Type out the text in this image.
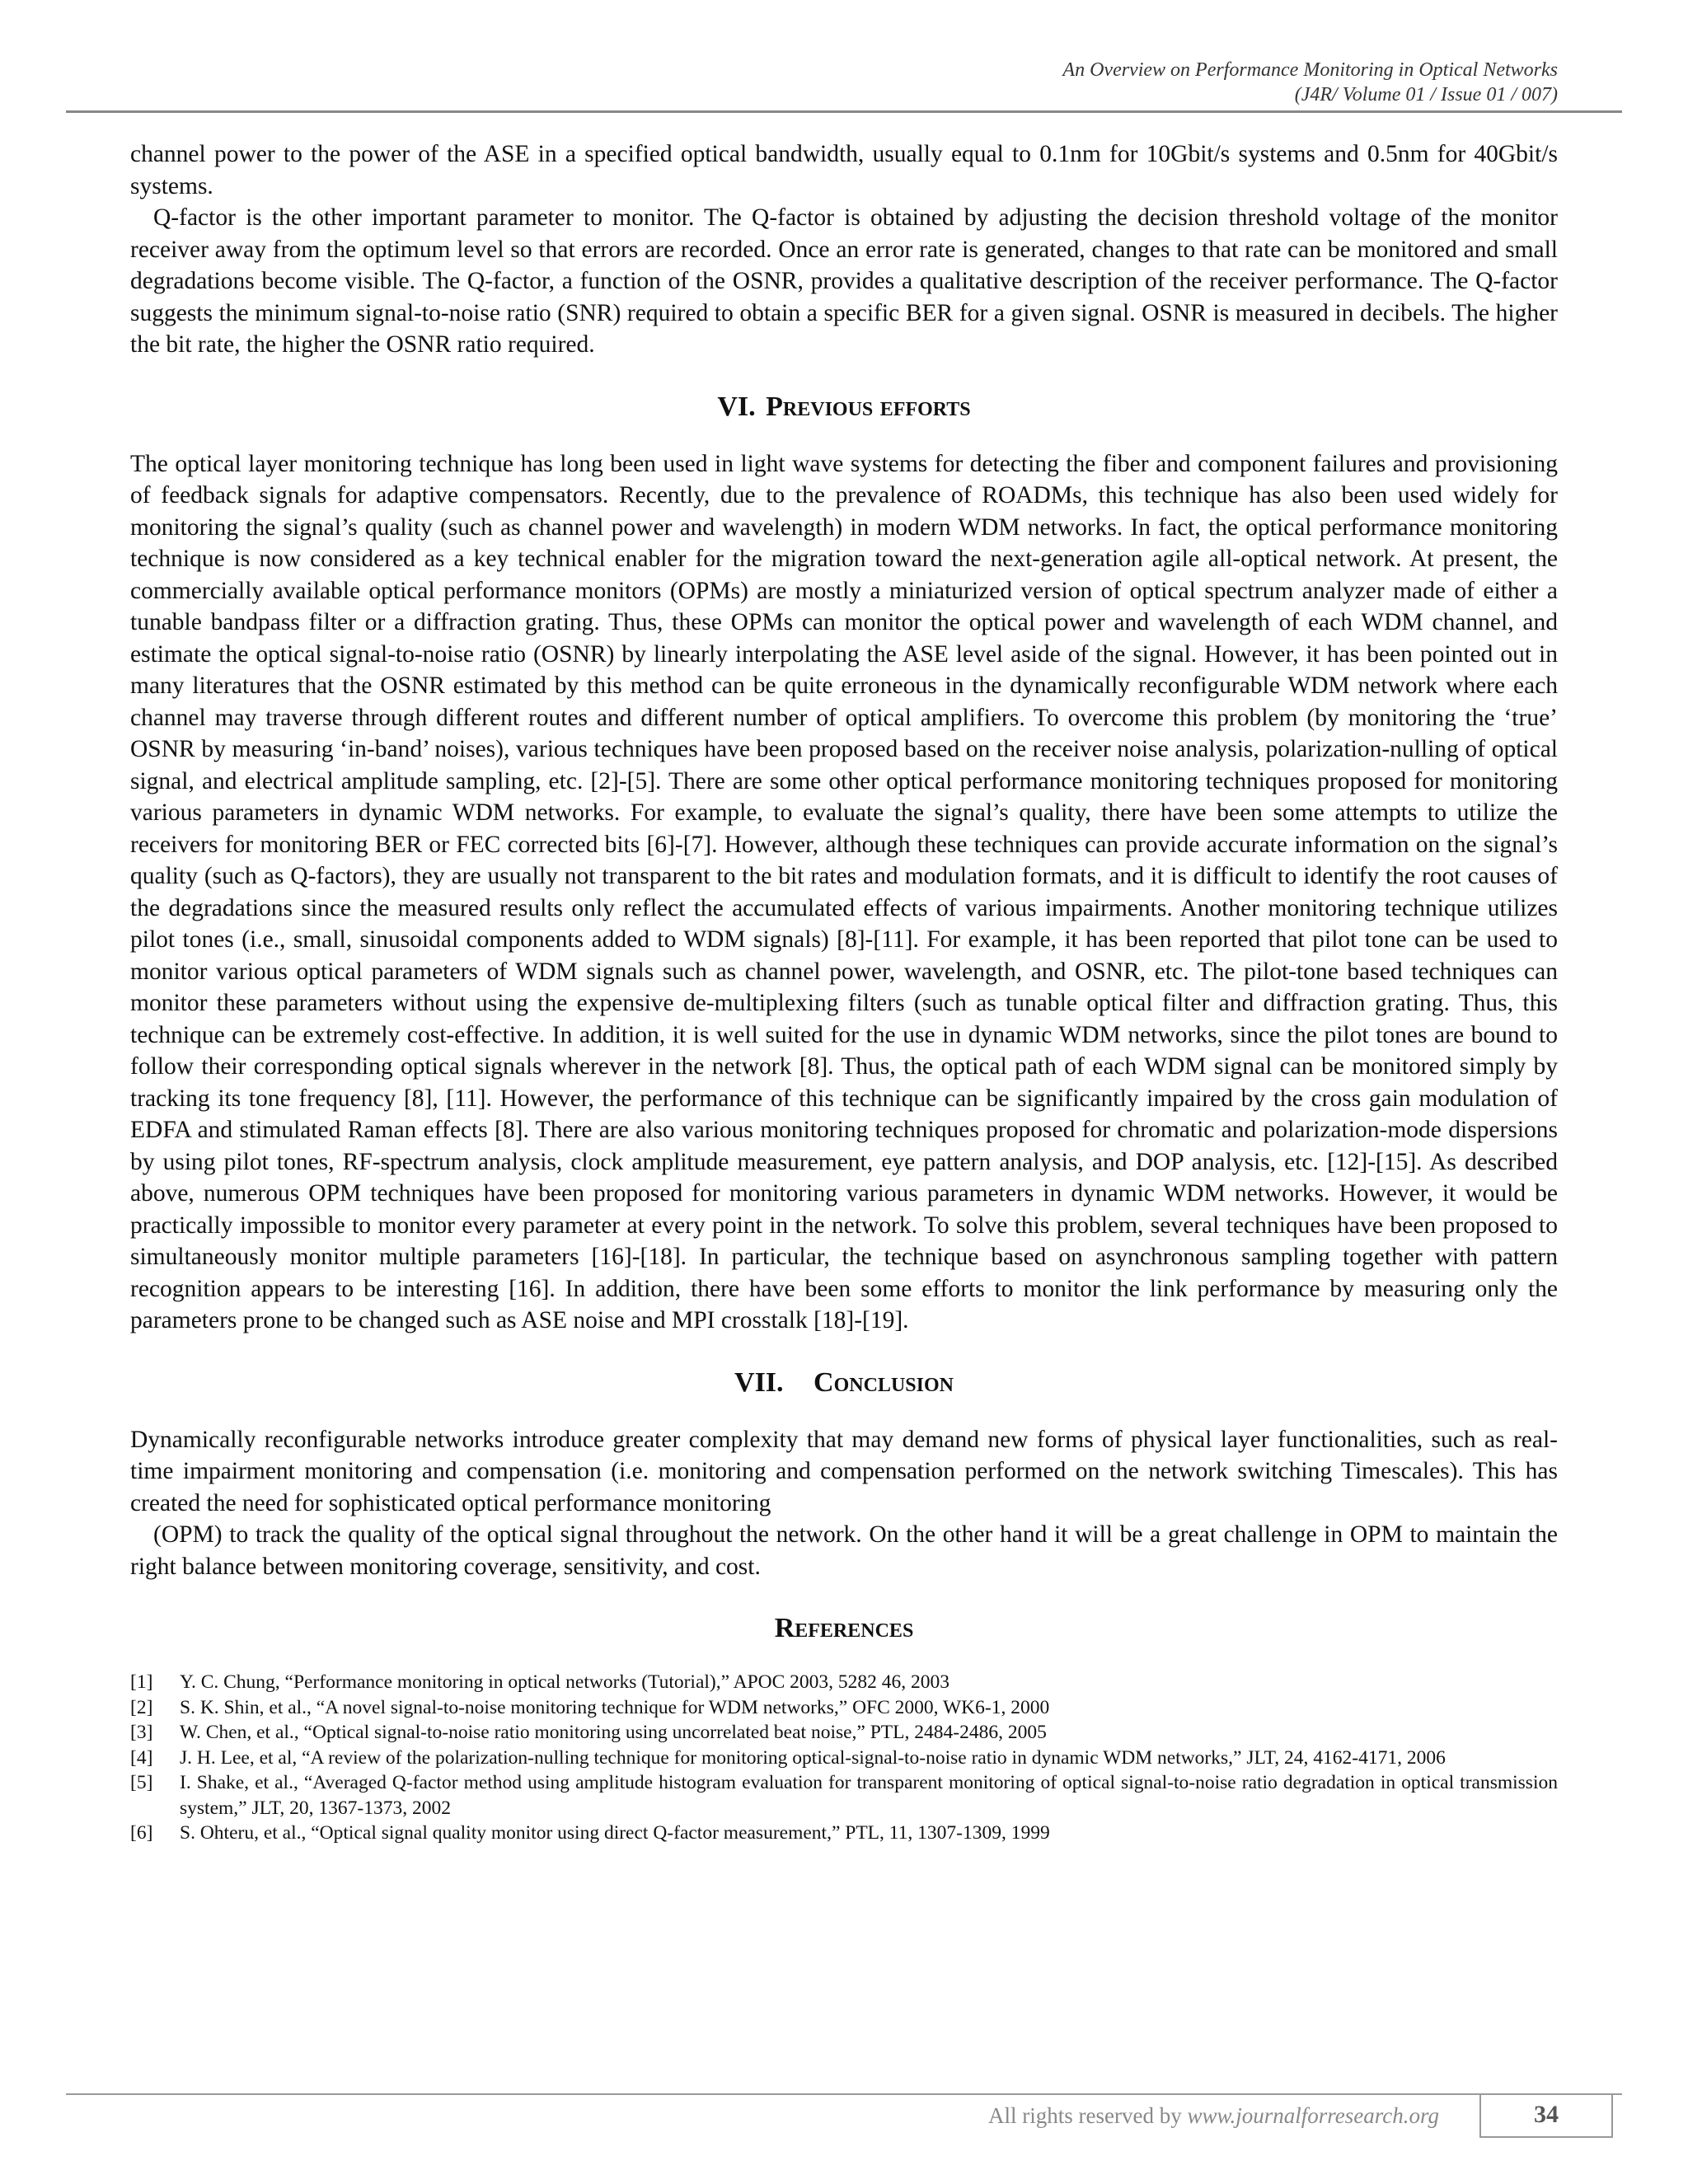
An Overview on Performance Monitoring in Optical Networks
(J4R/ Volume 01 / Issue 01 / 007)

channel power to the power of the ASE in a specified optical bandwidth, usually equal to 0.1nm for 10Gbit/s systems and 0.5nm for 40Gbit/s systems.

Q-factor is the other important parameter to monitor. The Q-factor is obtained by adjusting the decision threshold voltage of the monitor receiver away from the optimum level so that errors are recorded. Once an error rate is generated, changes to that rate can be monitored and small degradations become visible. The Q-factor, a function of the OSNR, provides a qualitative description of the receiver performance. The Q-factor suggests the minimum signal-to-noise ratio (SNR) required to obtain a specific BER for a given signal. OSNR is measured in decibels. The higher the bit rate, the higher the OSNR ratio required.

VI. Previous efforts

The optical layer monitoring technique has long been used in light wave systems for detecting the fiber and component failures and provisioning of feedback signals for adaptive compensators. Recently, due to the prevalence of ROADMs, this technique has also been used widely for monitoring the signal’s quality (such as channel power and wavelength) in modern WDM networks. In fact, the optical performance monitoring technique is now considered as a key technical enabler for the migration toward the next-generation agile all-optical network. At present, the commercially available optical performance monitors (OPMs) are mostly a miniaturized version of optical spectrum analyzer made of either a tunable bandpass filter or a diffraction grating. Thus, these OPMs can monitor the optical power and wavelength of each WDM channel, and estimate the optical signal-to-noise ratio (OSNR) by linearly interpolating the ASE level aside of the signal. However, it has been pointed out in many literatures that the OSNR estimated by this method can be quite erroneous in the dynamically reconfigurable WDM network where each channel may traverse through different routes and different number of optical amplifiers. To overcome this problem (by monitoring the ‘true’ OSNR by measuring ‘in-band’ noises), various techniques have been proposed based on the receiver noise analysis, polarization-nulling of optical signal, and electrical amplitude sampling, etc. [2]-[5]. There are some other optical performance monitoring techniques proposed for monitoring various parameters in dynamic WDM networks. For example, to evaluate the signal’s quality, there have been some attempts to utilize the receivers for monitoring BER or FEC corrected bits [6]-[7]. However, although these techniques can provide accurate information on the signal’s quality (such as Q-factors), they are usually not transparent to the bit rates and modulation formats, and it is difficult to identify the root causes of the degradations since the measured results only reflect the accumulated effects of various impairments. Another monitoring technique utilizes pilot tones (i.e., small, sinusoidal components added to WDM signals) [8]-[11]. For example, it has been reported that pilot tone can be used to monitor various optical parameters of WDM signals such as channel power, wavelength, and OSNR, etc. The pilot-tone based techniques can monitor these parameters without using the expensive de-multiplexing filters (such as tunable optical filter and diffraction grating. Thus, this technique can be extremely cost-effective. In addition, it is well suited for the use in dynamic WDM networks, since the pilot tones are bound to follow their corresponding optical signals wherever in the network [8]. Thus, the optical path of each WDM signal can be monitored simply by tracking its tone frequency [8], [11]. However, the performance of this technique can be significantly impaired by the cross gain modulation of EDFA and stimulated Raman effects [8]. There are also various monitoring techniques proposed for chromatic and polarization-mode dispersions by using pilot tones, RF-spectrum analysis, clock amplitude measurement, eye pattern analysis, and DOP analysis, etc. [12]-[15]. As described above, numerous OPM techniques have been proposed for monitoring various parameters in dynamic WDM networks. However, it would be practically impossible to monitor every parameter at every point in the network. To solve this problem, several techniques have been proposed to simultaneously monitor multiple parameters [16]-[18]. In particular, the technique based on asynchronous sampling together with pattern recognition appears to be interesting [16]. In addition, there have been some efforts to monitor the link performance by measuring only the parameters prone to be changed such as ASE noise and MPI crosstalk [18]-[19].

VII. Conclusion

Dynamically reconfigurable networks introduce greater complexity that may demand new forms of physical layer functionalities, such as real-time impairment monitoring and compensation (i.e. monitoring and compensation performed on the network switching Timescales). This has created the need for sophisticated optical performance monitoring

(OPM) to track the quality of the optical signal throughout the network. On the other hand it will be a great challenge in OPM to maintain the right balance between monitoring coverage, sensitivity, and cost.

References
[1]	Y. C. Chung, “Performance monitoring in optical networks (Tutorial),” APOC 2003, 5282 46, 2003
[2]	S. K. Shin, et al., “A novel signal-to-noise monitoring technique for WDM networks,” OFC 2000, WK6-1, 2000
[3]	W. Chen, et al., “Optical signal-to-noise ratio monitoring using uncorrelated beat noise,” PTL, 2484-2486, 2005
[4]	J. H. Lee, et al, “A review of the polarization-nulling technique for monitoring optical-signal-to-noise ratio in dynamic WDM networks,” JLT, 24, 4162-4171, 2006
[5]	I. Shake, et al., “Averaged Q-factor method using amplitude histogram evaluation for transparent monitoring of optical signal-to-noise ratio degradation in optical transmission system,” JLT, 20, 1367-1373, 2002
[6]	S. Ohteru, et al., “Optical signal quality monitor using direct Q-factor measurement,” PTL, 11, 1307-1309, 1999
All rights reserved by www.journalforresearch.org	34
